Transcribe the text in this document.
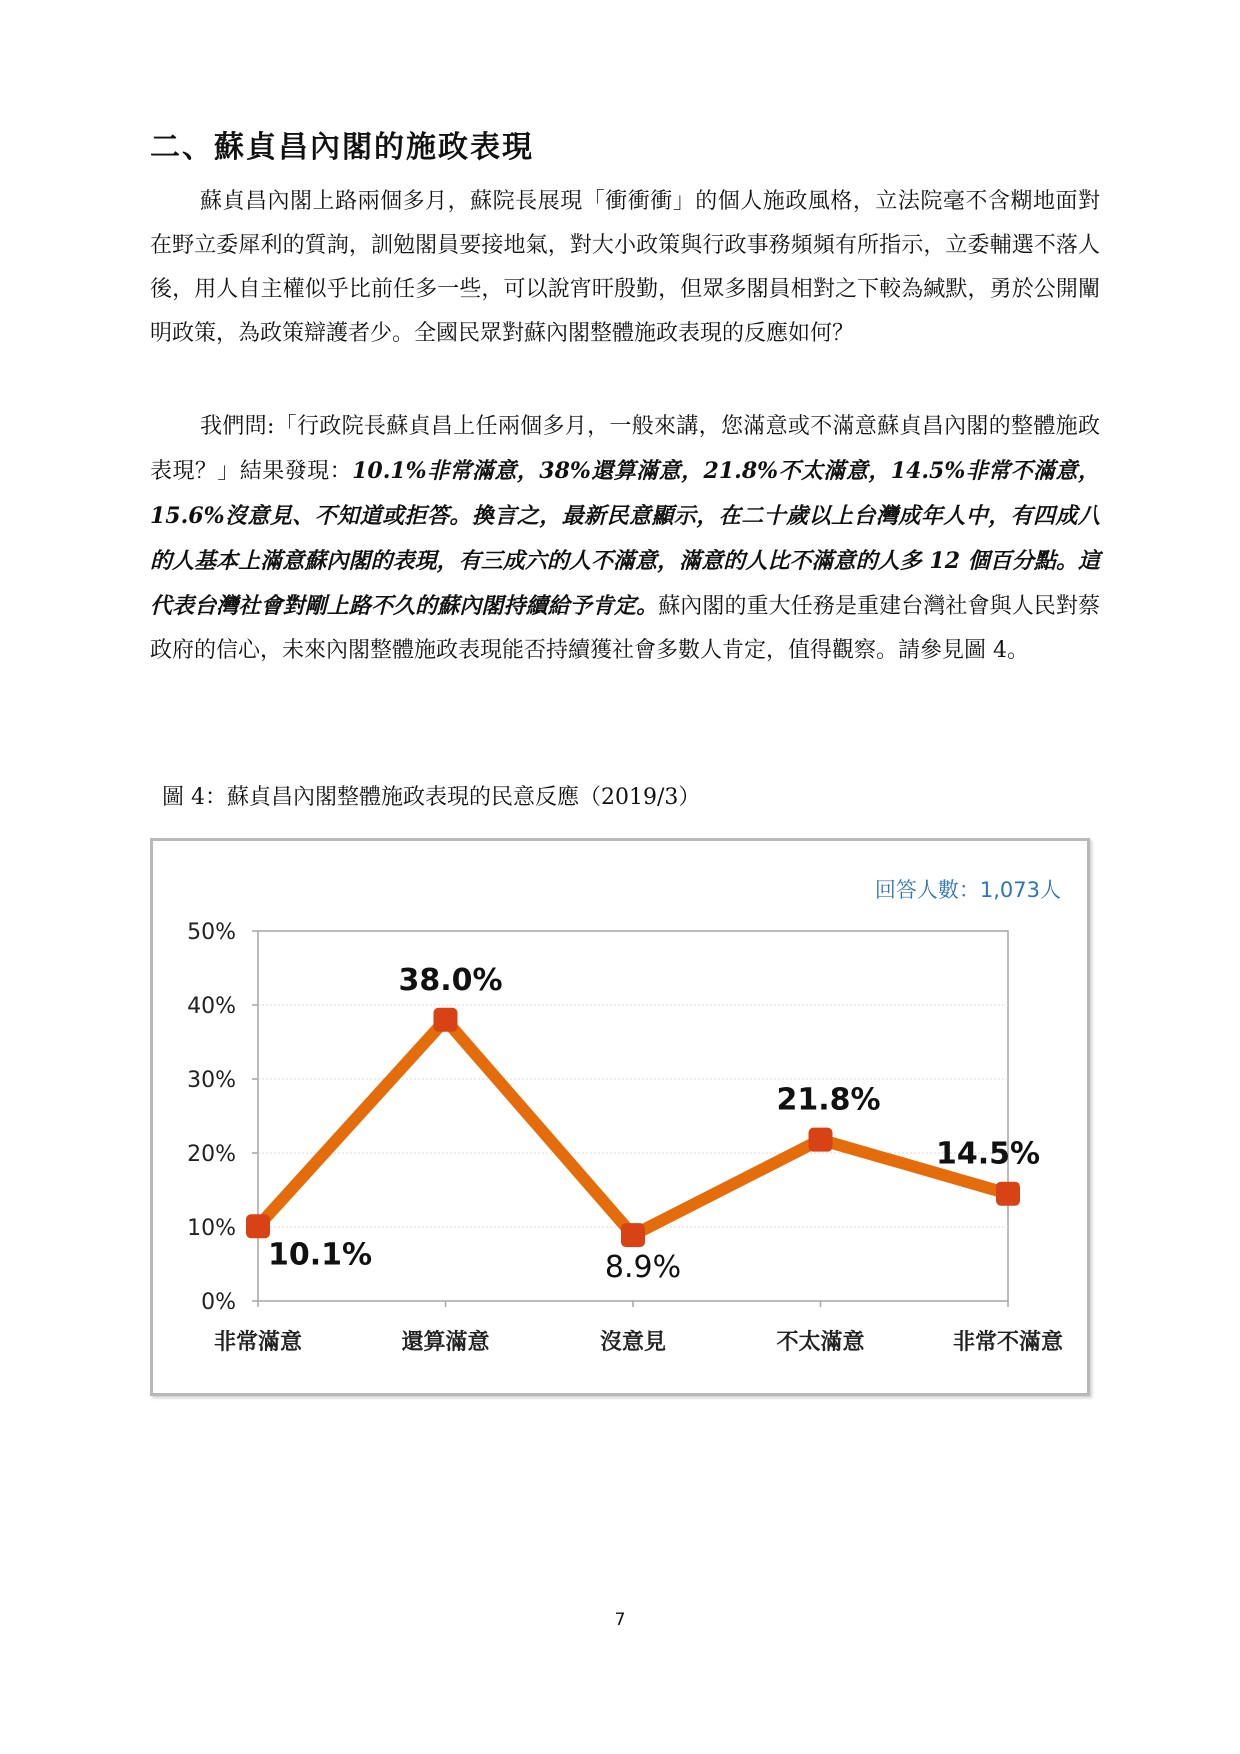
二、蘇貞昌內閣的施政表現

蘇貞昌內閣上路兩個多月，蘇院長展現「衝衝衝」的個人施政風格，立法院毫不含糊地面對在野立委犀利的質詢，訓勉閣員要接地氣，對大小政策與行政事務頻頻有所指示，立委輔選不落人後，用人自主權似乎比前任多一些，可以說宵旰殷勤，但眾多閣員相對之下較為緘默，勇於公開闡明政策，為政策辯護者少。全國民眾對蘇內閣整體施政表現的反應如何？

我們問:「行政院長蘇貞昌上任兩個多月，一般來講，您滿意或不滿意蘇貞昌內閣的整體施政表現？」結果發現：10.1%非常滿意，38%還算滿意，21.8%不太滿意，14.5%非常不滿意，15.6%沒意見、不知道或拒答。換言之，最新民意顯示，在二十歲以上台灣成年人中，有四成八的人基本上滿意蘇內閣的表現，有三成六的人不滿意，滿意的人比不滿意的人多 12 個百分點。這代表台灣社會對剛上路不久的蘇內閣持續給予肯定。蘇內閣的重大任務是重建台灣社會與人民對蔡政府的信心，未來內閣整體施政表現能否持續獲社會多數人肯定，值得觀察。請參見圖 4。

圖 4：蘇貞昌內閣整體施政表現的民意反應（2019/3）

0%
10%
20%
30%
40%
50%
非常滿意	還算滿意	沒意見	不太滿意	非常不滿意
10.1%
38.0%
8.9%
21.8%
14.5%
回答人數：1,073人

7
